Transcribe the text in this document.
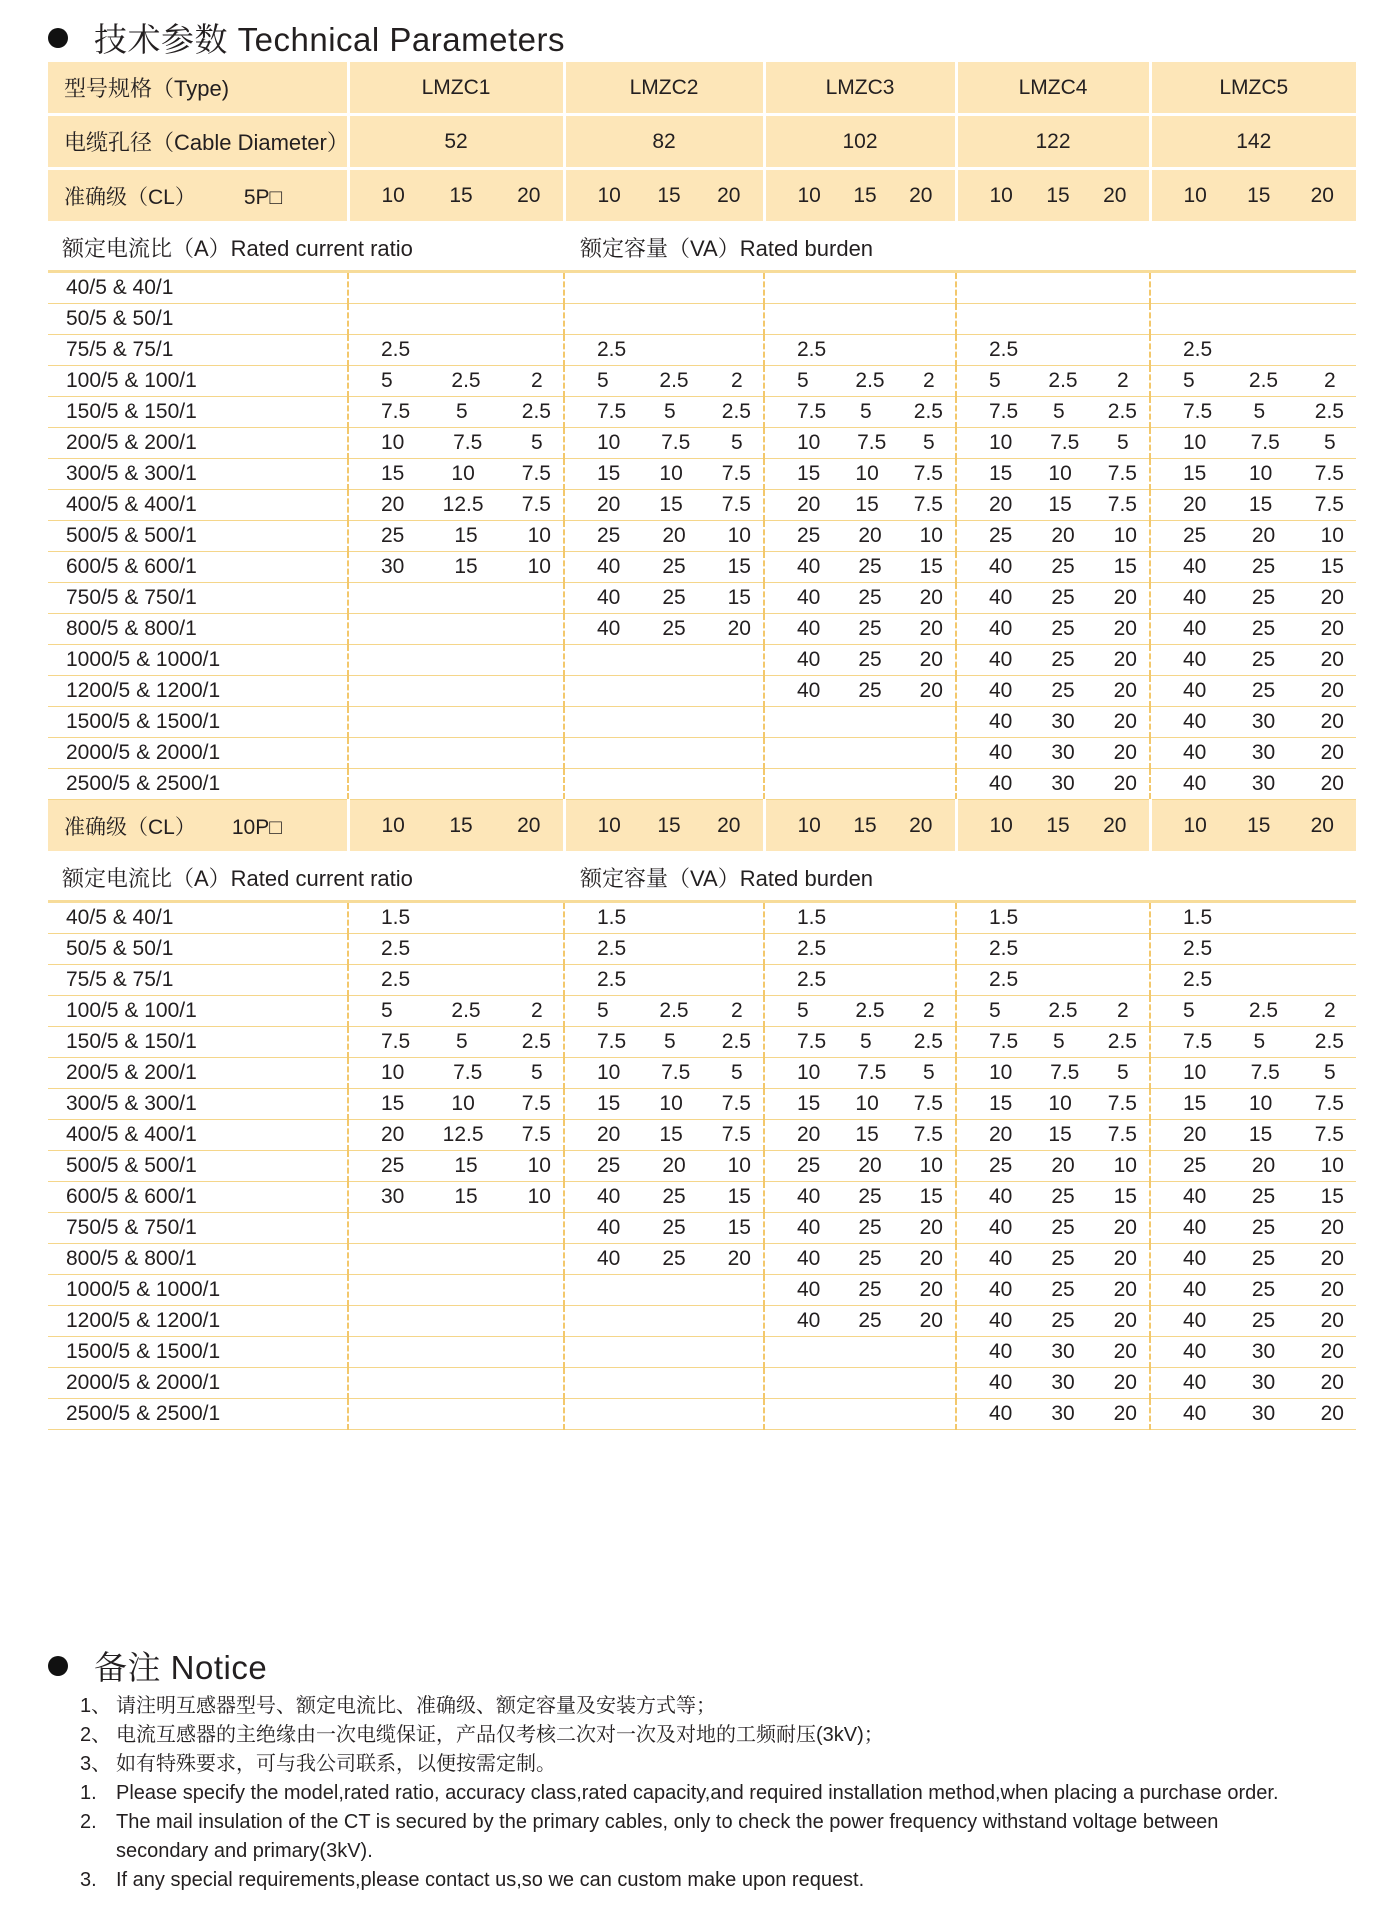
技术参数 Technical Parameters
型号规格（Type)	LMZC1	LMZC2	LMZC3	LMZC4	LMZC5
电缆孔径（Cable Diameter）	52	82	102	122	142
准确级（CL） 5P□	10 15 20	10 15 20	10 15 20	10 15 20	10 15 20

额定电流比（A）Rated current ratio	额定容量（VA）Rated burden				
40/5 & 40/1					
50/5 & 50/1					
75/5 & 75/1	2.5	2.5	2.5	2.5	2.5

100/5 & 100/1	5 2.5 2	5 2.5 2	5 2.5 2	5 2.5 2	5 2.5 2

150/5 & 150/1	7.5 5 2.5	7.5 5 2.5	7.5 5 2.5	7.5 5 2.5	7.5 5 2.5

200/5 & 200/1	10 7.5 5	10 7.5 5	10 7.5 5	10 7.5 5	10 7.5 5

300/5 & 300/1	15 10 7.5	15 10 7.5	15 10 7.5	15 10 7.5	15 10 7.5

400/5 & 400/1	20 12.5 7.5	20 15 7.5	20 15 7.5	20 15 7.5	20 15 7.5

500/5 & 500/1	25 15 10	25 20 10	25 20 10	25 20 10	25 20 10

600/5 & 600/1	30 15 10	40 25 15	40 25 15	40 25 15	40 25 15

750/5 & 750/1		40 25 15	40 25 20	40 25 20	40 25 20

800/5 & 800/1		40 25 20	40 25 20	40 25 20	40 25 20

1000/5 & 1000/1			40 25 20	40 25 20	40 25 20

1200/5 & 1200/1			40 25 20	40 25 20	40 25 20

1500/5 & 1500/1				40 30 20	40 30 20

2000/5 & 2000/1				40 30 20	40 30 20

2500/5 & 2500/1				40 30 20	40 30 20

准确级（CL） 10P□	10 15 20	10 15 20	10 15 20	10 15 20	10 15 20

额定电流比（A）Rated current ratio	额定容量（VA）Rated burden				
40/5 & 40/1	1.5	1.5	1.5	1.5	1.5

50/5 & 50/1	2.5	2.5	2.5	2.5	2.5

75/5 & 75/1	2.5	2.5	2.5	2.5	2.5

100/5 & 100/1	5 2.5 2	5 2.5 2	5 2.5 2	5 2.5 2	5 2.5 2

150/5 & 150/1	7.5 5 2.5	7.5 5 2.5	7.5 5 2.5	7.5 5 2.5	7.5 5 2.5

200/5 & 200/1	10 7.5 5	10 7.5 5	10 7.5 5	10 7.5 5	10 7.5 5

300/5 & 300/1	15 10 7.5	15 10 7.5	15 10 7.5	15 10 7.5	15 10 7.5

400/5 & 400/1	20 12.5 7.5	20 15 7.5	20 15 7.5	20 15 7.5	20 15 7.5

500/5 & 500/1	25 15 10	25 20 10	25 20 10	25 20 10	25 20 10

600/5 & 600/1	30 15 10	40 25 15	40 25 15	40 25 15	40 25 15

750/5 & 750/1		40 25 15	40 25 20	40 25 20	40 25 20

800/5 & 800/1		40 25 20	40 25 20	40 25 20	40 25 20

1000/5 & 1000/1			40 25 20	40 25 20	40 25 20

1200/5 & 1200/1			40 25 20	40 25 20	40 25 20

1500/5 & 1500/1				40 30 20	40 30 20

2000/5 & 2000/1				40 30 20	40 30 20

2500/5 & 2500/1				40 30 20	40 30 20
备注 Notice
1、 请注明互感器型号、额定电流比、准确级、额定容量及安装方式等；
2、 电流互感器的主绝缘由一次电缆保证，产品仅考核二次对一次及对地的工频耐压(3kV)；
3、 如有特殊要求，可与我公司联系，以便按需定制。
1. Please specify the model,rated ratio, accuracy class,rated capacity,and required installation method,when placing a purchase order.
2. The mail insulation of the CT is secured by the primary cables, only to check the power frequency withstand voltage between
secondary and primary(3kV).
3. If any special requirements,please contact us,so we can custom make upon request.
